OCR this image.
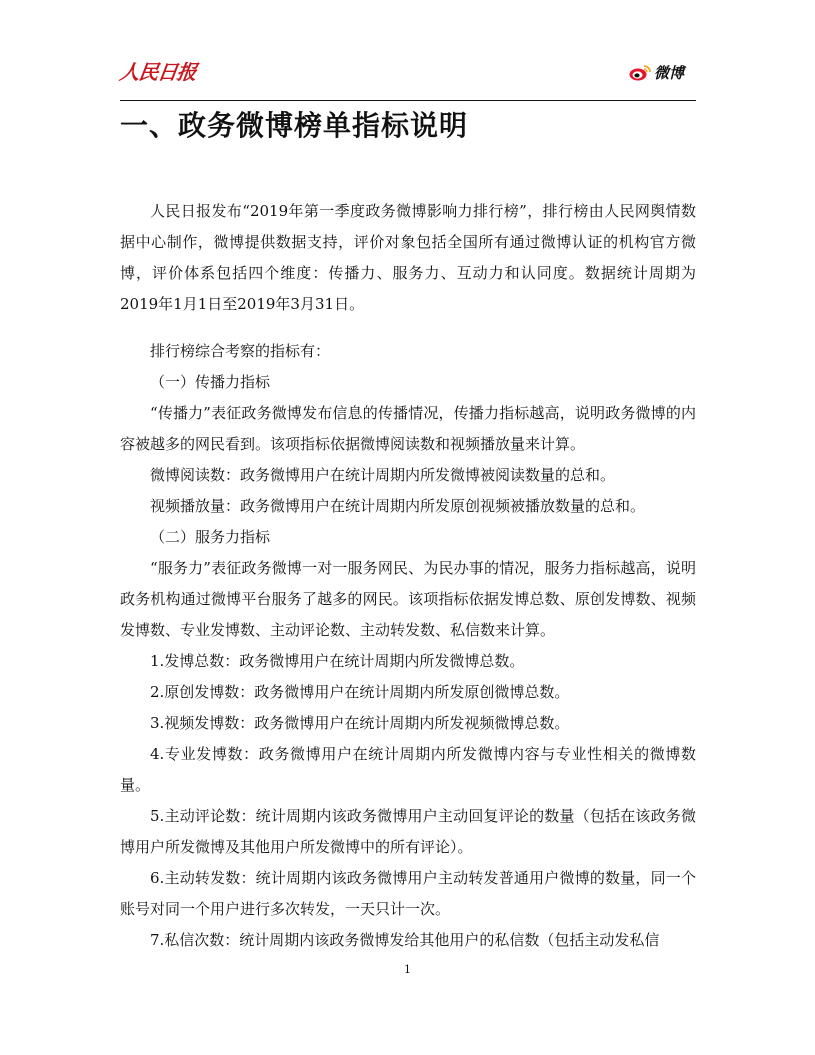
人民日报	微博
一、政务微博榜单指标说明

人民日报发布“2019年第一季度政务微博影响力排行榜”，排行榜由人民网舆情数据中心制作，微博提供数据支持，评价对象包括全国所有通过微博认证的机构官方微博，评价体系包括四个维度：传播力、服务力、互动力和认同度。数据统计周期为2019年1月1日至2019年3月31日。

排行榜综合考察的指标有：

（一）传播力指标

“传播力”表征政务微博发布信息的传播情况，传播力指标越高，说明政务微博的内容被越多的网民看到。该项指标依据微博阅读数和视频播放量来计算。

微博阅读数：政务微博用户在统计周期内所发微博被阅读数量的总和。

视频播放量：政务微博用户在统计周期内所发原创视频被播放数量的总和。

（二）服务力指标

“服务力”表征政务微博一对一服务网民、为民办事的情况，服务力指标越高，说明政务机构通过微博平台服务了越多的网民。该项指标依据发博总数、原创发博数、视频发博数、专业发博数、主动评论数、主动转发数、私信数来计算。

1.发博总数：政务微博用户在统计周期内所发微博总数。

2.原创发博数：政务微博用户在统计周期内所发原创微博总数。

3.视频发博数：政务微博用户在统计周期内所发视频微博总数。

4.专业发博数：政务微博用户在统计周期内所发微博内容与专业性相关的微博数量。

5.主动评论数：统计周期内该政务微博用户主动回复评论的数量（包括在该政务微博用户所发微博及其他用户所发微博中的所有评论）。

6.主动转发数：统计周期内该政务微博用户主动转发普通用户微博的数量，同一个账号对同一个用户进行多次转发，一天只计一次。

7.私信次数：统计周期内该政务微博发给其他用户的私信数（包括主动发私信

1
